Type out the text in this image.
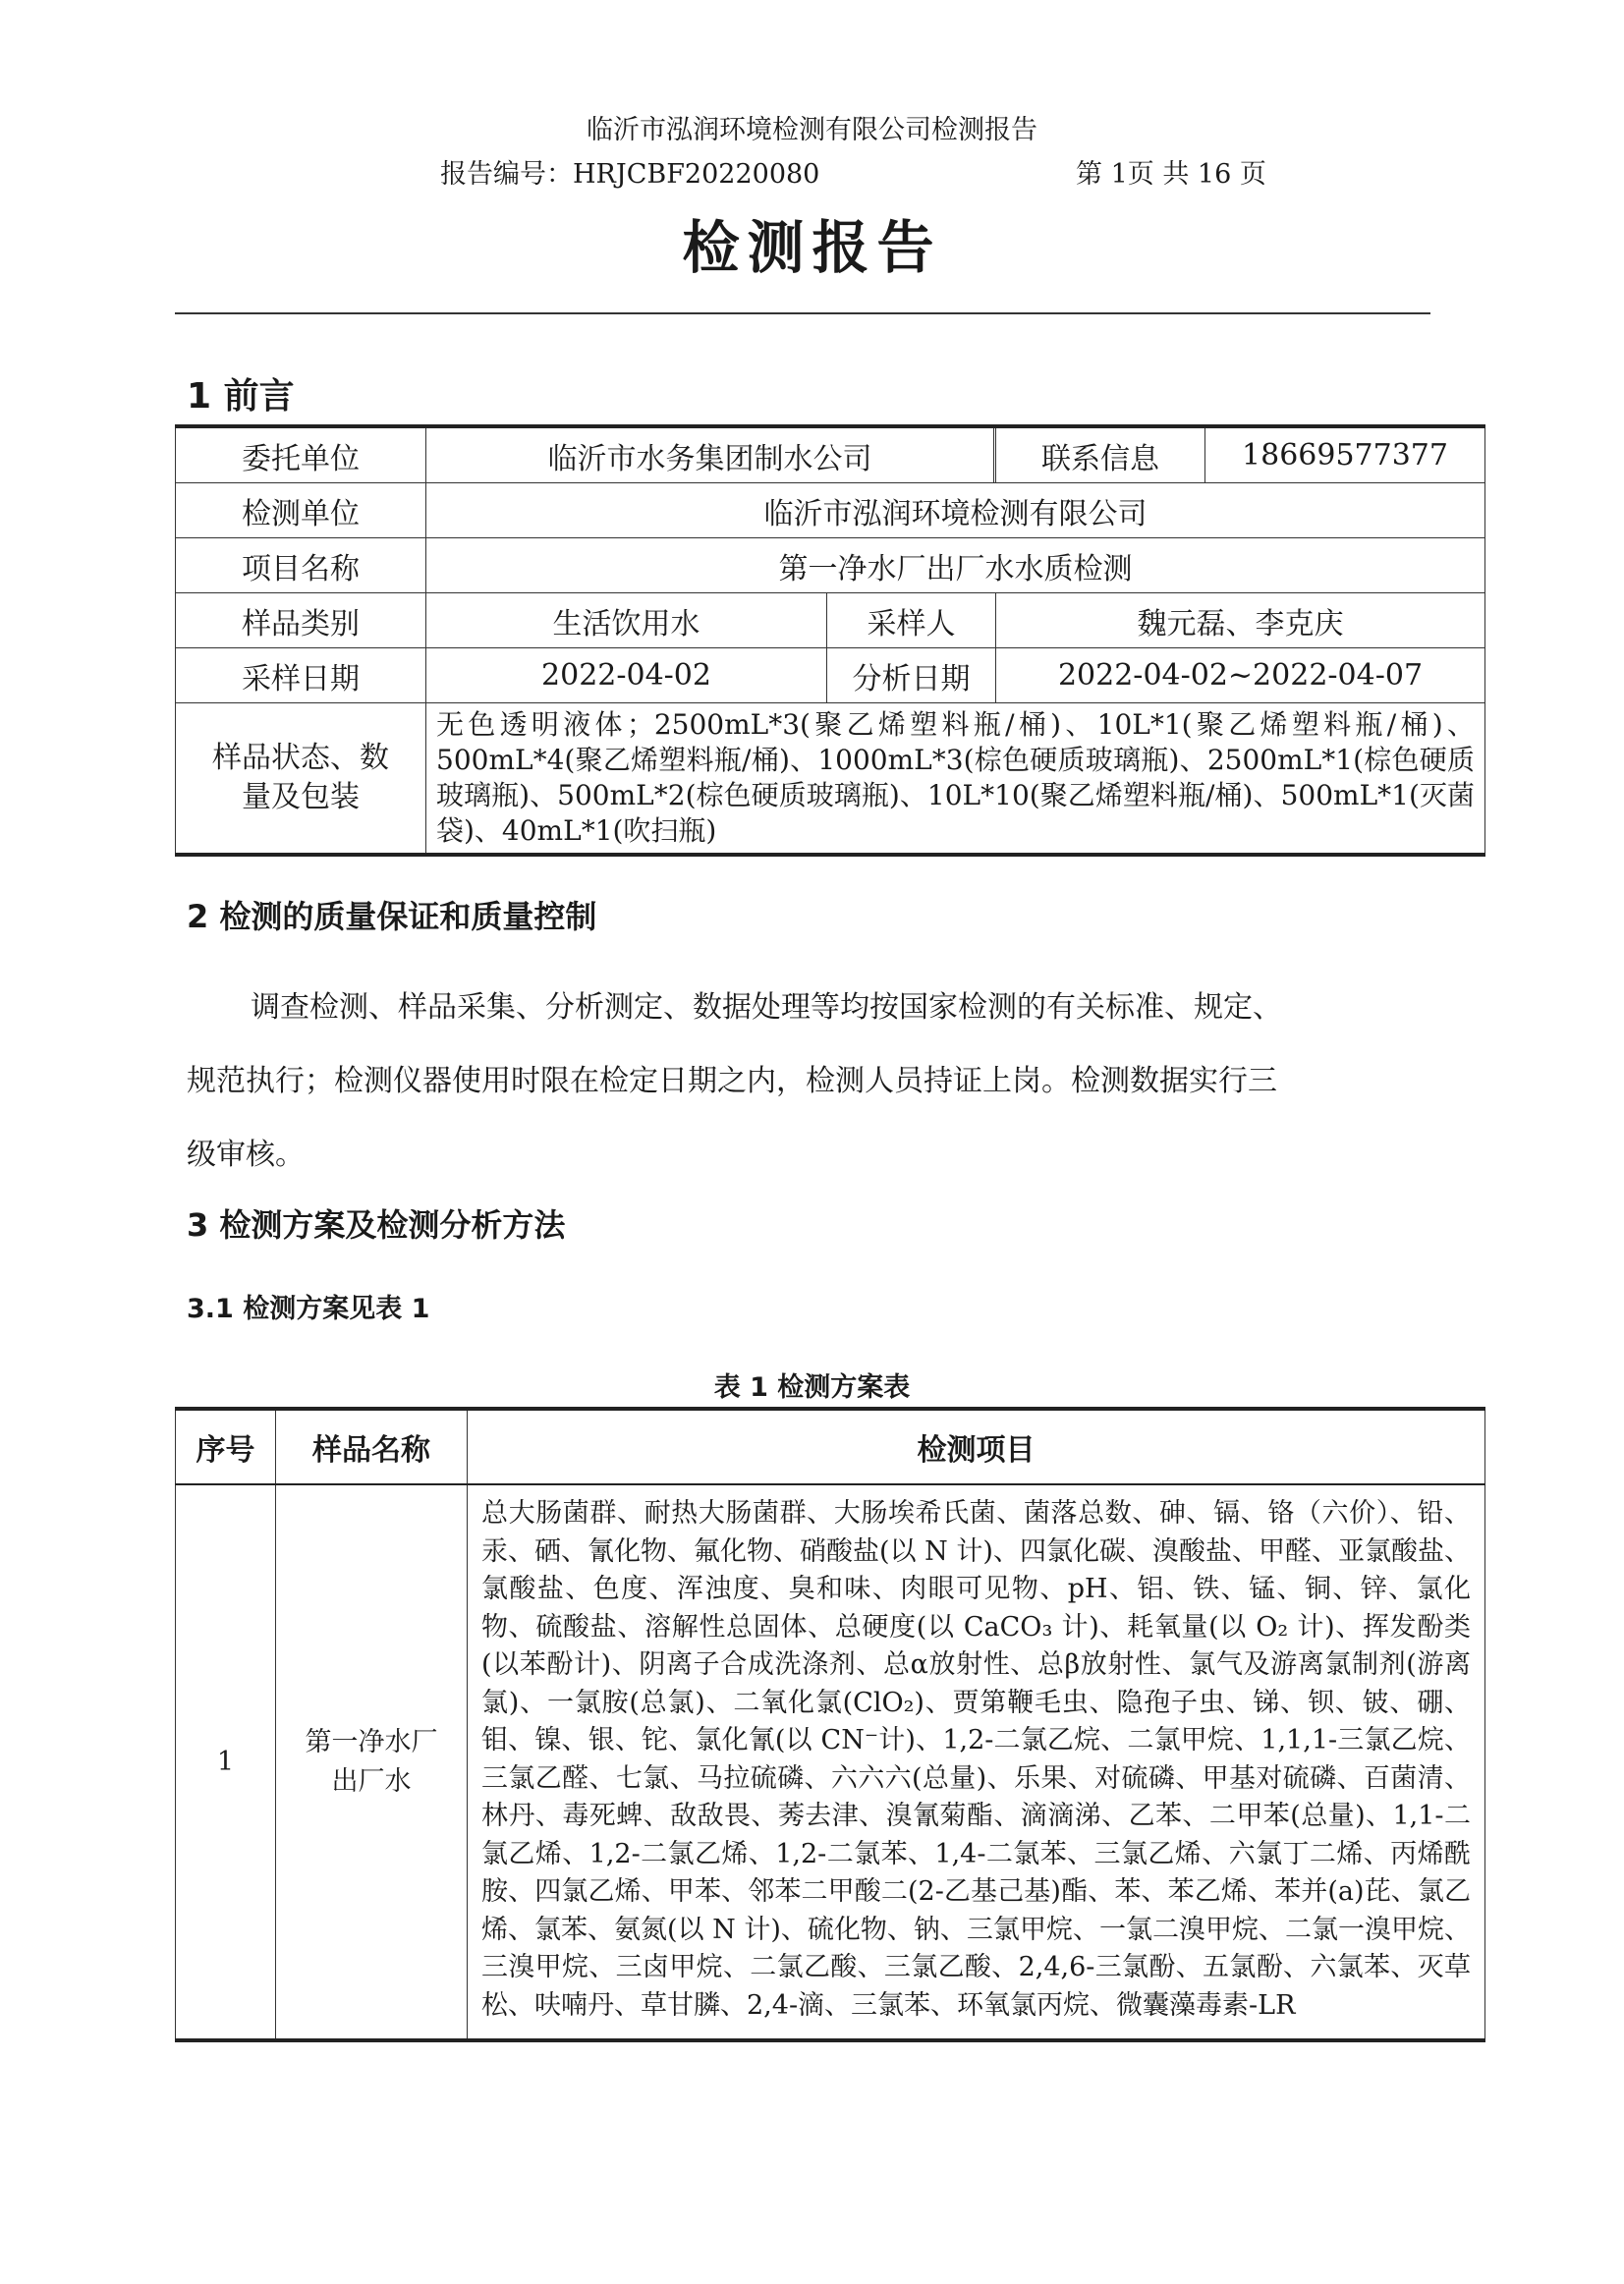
临沂市泓润环境检测有限公司检测报告
报告编号：HRJCBF20220080	第 1页 共 16 页
检测报告
1 前言
委托单位	临沂市水务集团制水公司			联系信息	18669577377

检测单位	临沂市泓润环境检测有限公司
项目名称	第一净水厂出厂水水质检测
样品类别	生活饮用水	采样人	魏元磊、李克庆
采样日期	2022-04-02	分析日期	2022-04-02~2022-04-07
样品状态、数量及包装	无色透明液体；2500mL*3(聚乙烯塑料瓶/桶)、10L*1(聚乙烯塑料瓶/桶)、500mL*4(聚乙烯塑料瓶/桶)、1000mL*3(棕色硬质玻璃瓶)、2500mL*1(棕色硬质玻璃瓶)、500mL*2(棕色硬质玻璃瓶)、10L*10(聚乙烯塑料瓶/桶)、500mL*1(灭菌袋)、40mL*1(吹扫瓶)
2 检测的质量保证和质量控制
调查检测、样品采集、分析测定、数据处理等均按国家检测的有关标准、规定、
规范执行；检测仪器使用时限在检定日期之内，检测人员持证上岗。检测数据实行三
级审核。
3 检测方案及检测分析方法
3.1 检测方案见表 1
表 1 检测方案表
序号	样品名称	检测项目
1	第一净水厂出厂水	总大肠菌群、耐热大肠菌群、大肠埃希氏菌、菌落总数、砷、镉、铬（六价）、铅、汞、硒、氰化物、氟化物、硝酸盐(以 N 计)、四氯化碳、溴酸盐、甲醛、亚氯酸盐、氯酸盐、色度、浑浊度、臭和味、肉眼可见物、pH、铝、铁、锰、铜、锌、氯化物、硫酸盐、溶解性总固体、总硬度(以 CaCO₃ 计)、耗氧量(以 O₂ 计)、挥发酚类(以苯酚计)、阴离子合成洗涤剂、总α放射性、总β放射性、氯气及游离氯制剂(游离氯)、一氯胺(总氯)、二氧化氯(ClO₂)、贾第鞭毛虫、隐孢子虫、锑、钡、铍、硼、钼、镍、银、铊、氯化氰(以 CN⁻计)、1,2-二氯乙烷、二氯甲烷、1,1,1-三氯乙烷、三氯乙醛、七氯、马拉硫磷、六六六(总量)、乐果、对硫磷、甲基对硫磷、百菌清、林丹、毒死蜱、敌敌畏、莠去津、溴氰菊酯、滴滴涕、乙苯、二甲苯(总量)、1,1-二氯乙烯、1,2-二氯乙烯、1,2-二氯苯、1,4-二氯苯、三氯乙烯、六氯丁二烯、丙烯酰胺、四氯乙烯、甲苯、邻苯二甲酸二(2-乙基己基)酯、苯、苯乙烯、苯并(a)芘、氯乙烯、氯苯、氨氮(以 N 计)、硫化物、钠、三氯甲烷、一氯二溴甲烷、二氯一溴甲烷、三溴甲烷、三卤甲烷、二氯乙酸、三氯乙酸、2,4,6-三氯酚、五氯酚、六氯苯、灭草松、呋喃丹、草甘膦、2,4-滴、三氯苯、环氧氯丙烷、微囊藻毒素-LR
